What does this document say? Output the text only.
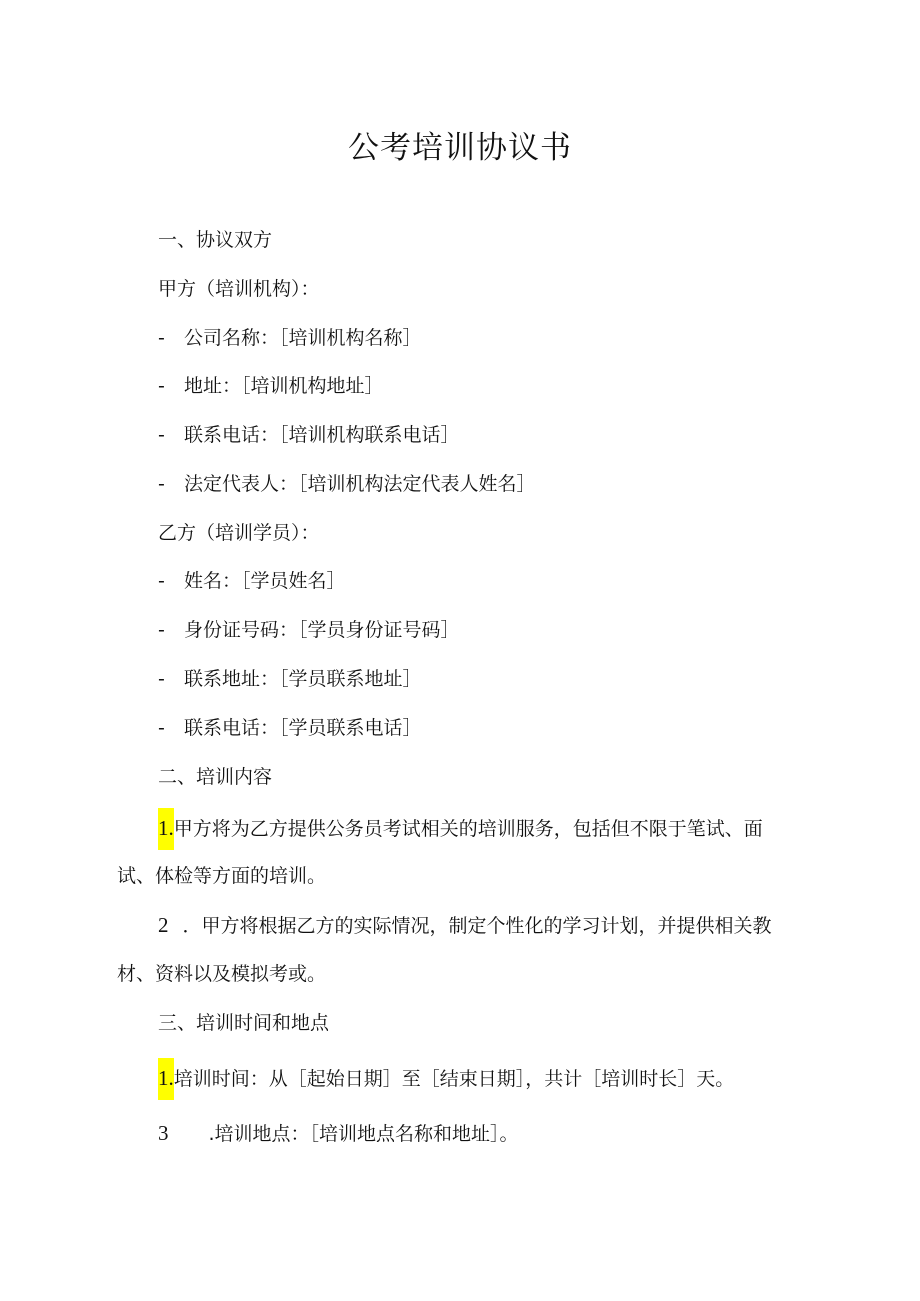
公考培训协议书
一、协议双方
甲方（培训机构）：
- 公司名称：［培训机构名称］
- 地址：［培训机构地址］
- 联系电话：［培训机构联系电话］
- 法定代表人：［培训机构法定代表人姓名］
乙方（培训学员）：
- 姓名：［学员姓名］
- 身份证号码：［学员身份证号码］
- 联系地址：［学员联系地址］
- 联系电话：［学员联系电话］
二、培训内容
1.甲方将为乙方提供公务员考试相关的培训服务，包括但不限于笔试、面
试、体检等方面的培训。
2 ．甲方将根据乙方的实际情况，制定个性化的学习计划，并提供相关教
材、资料以及模拟考或。
三、培训时间和地点
1.培训时间：从［起始日期］至［结束日期］，共计［培训时长］天。
3 .培训地点：［培训地点名称和地址］。
